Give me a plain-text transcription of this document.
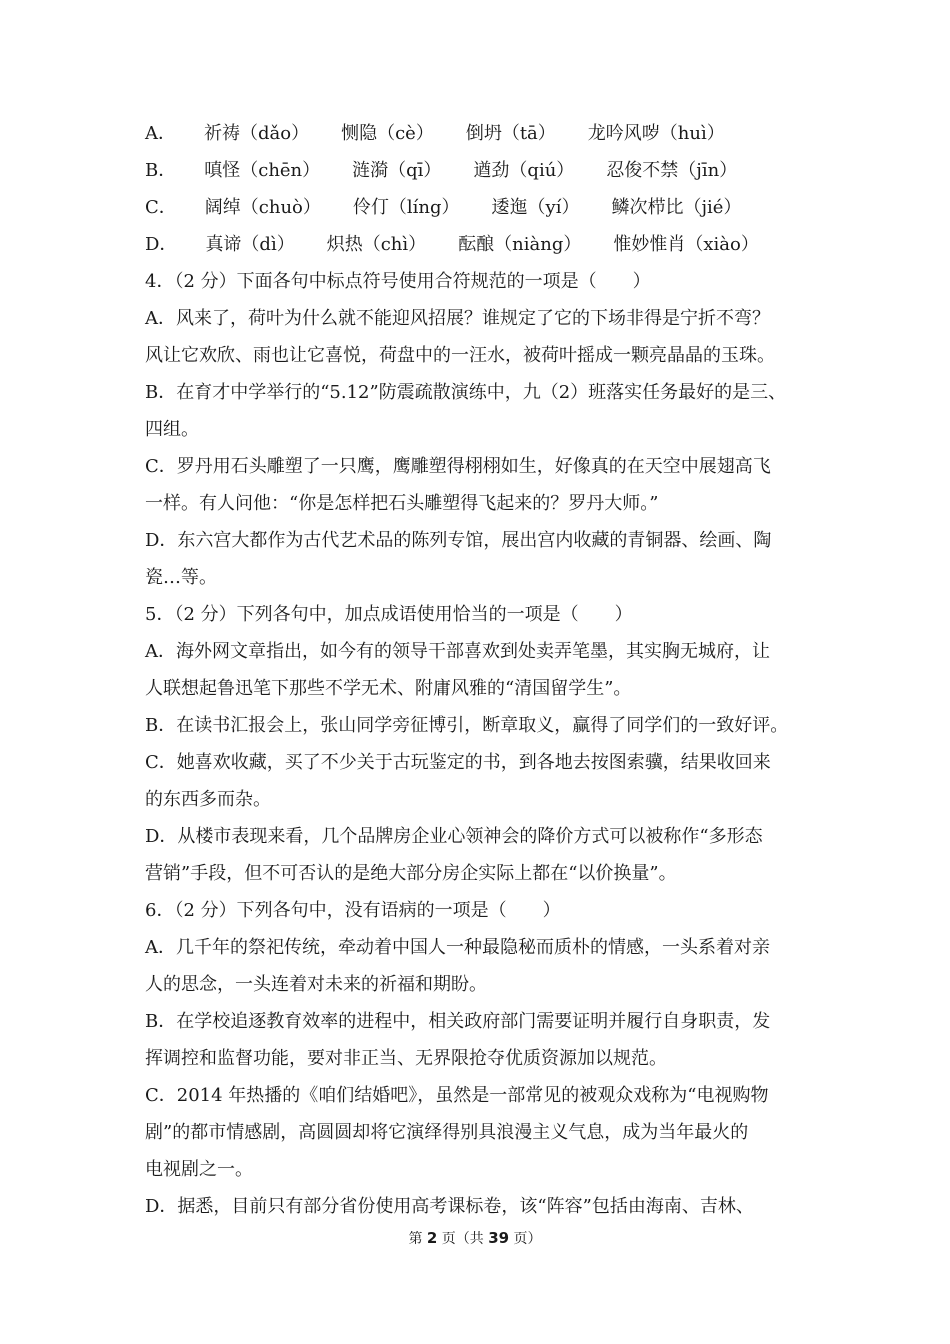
A． 祈祷（dǎo） 恻隐（cè） 倒坍（tā） 龙吟风哕（huì）
B． 嗔怪（chēn） 涟漪（qī） 遒劲（qiú） 忍俊不禁（jīn）
C． 阔绰（chuò） 伶仃（líng） 逶迤（yí） 鳞次栉比（jié）
D． 真谛（dì） 炽热（chì） 酝酿（niàng） 惟妙惟肖（xiào）
4．（2 分）下面各句中标点符号使用合符规范的一项是（　　）
A．风来了，荷叶为什么就不能迎风招展？谁规定了它的下场非得是宁折不弯？
风让它欢欣、雨也让它喜悦，荷盘中的一汪水，被荷叶摇成一颗亮晶晶的玉珠。
B．在育才中学举行的“5.12”防震疏散演练中，九（2）班落实任务最好的是三、
四组。
C．罗丹用石头雕塑了一只鹰，鹰雕塑得栩栩如生，好像真的在天空中展翅高飞
一样。有人问他：“你是怎样把石头雕塑得飞起来的？罗丹大师。”
D．东六宫大都作为古代艺术品的陈列专馆，展出宫内收藏的青铜器、绘画、陶
瓷…等。
5．（2 分）下列各句中，加点成语使用恰当的一项是（　　）
A．海外网文章指出，如今有的领导干部喜欢到处卖弄笔墨，其实胸无城府，让
人联想起鲁迅笔下那些不学无术、附庸风雅的“清国留学生”。
B．在读书汇报会上，张山同学旁征博引，断章取义，赢得了同学们的一致好评。
C．她喜欢收藏，买了不少关于古玩鉴定的书，到各地去按图索骥，结果收回来
的东西多而杂。
D．从楼市表现来看，几个品牌房企业心领神会的降价方式可以被称作“多形态
营销”手段，但不可否认的是绝大部分房企实际上都在“以价换量”。
6．（2 分）下列各句中，没有语病的一项是（　　）
A．几千年的祭祀传统，牵动着中国人一种最隐秘而质朴的情感，一头系着对亲
人的思念，一头连着对未来的祈福和期盼。
B．在学校追逐教育效率的进程中，相关政府部门需要证明并履行自身职责，发
挥调控和监督功能，要对非正当、无界限抢夺优质资源加以规范。
C．2014 年热播的《咱们结婚吧》，虽然是一部常见的被观众戏称为“电视购物
剧”的都市情感剧，高圆圆却将它演绎得别具浪漫主义气息，成为当年最火的
电视剧之一。
D．据悉，目前只有部分省份使用高考课标卷，该“阵容”包括由海南、吉林、
第 2 页（共 39 页）
